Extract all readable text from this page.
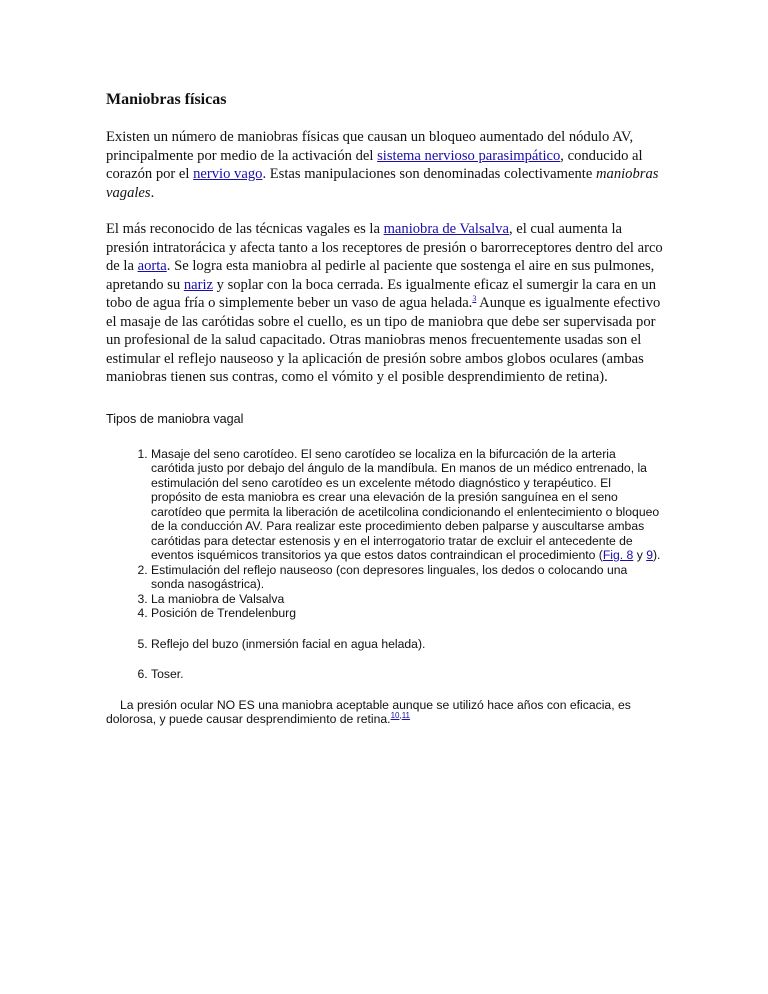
Maniobras físicas

Existen un número de maniobras físicas que causan un bloqueo aumentado del nódulo AV, principalmente por medio de la activación del sistema nervioso parasimpático, conducido al corazón por el nervio vago. Estas manipulaciones son denominadas colectivamente maniobras vagales.

El más reconocido de las técnicas vagales es la maniobra de Valsalva, el cual aumenta la presión intratorácica y afecta tanto a los receptores de presión o barorreceptores dentro del arco de la aorta. Se logra esta maniobra al pedirle al paciente que sostenga el aire en sus pulmones, apretando su nariz y soplar con la boca cerrada. Es igualmente eficaz el sumergir la cara en un tobo de agua fría o simplemente beber un vaso de agua helada.$^3$ Aunque es igualmente efectivo el masaje de las carótidas sobre el cuello, es un tipo de maniobra que debe ser supervisada por un profesional de la salud capacitado. Otras maniobras menos frecuentemente usadas son el estimular el reflejo nauseoso y la aplicación de presión sobre ambos globos oculares (ambas maniobras tienen sus contras, como el vómito y el posible desprendimiento de retina).

Tipos de maniobra vagal

1. Masaje del seno carotídeo. El seno carotídeo se localiza en la bifurcación de la arteria carótida justo por debajo del ángulo de la mandíbula. En manos de un médico entrenado, la estimulación del seno carotídeo es un excelente método diagnóstico y terapéutico. El propósito de esta maniobra es crear una elevación de la presión sanguínea en el seno carotídeo que permita la liberación de acetilcolina condicionando el enlentecimiento o bloqueo de la conducción AV. Para realizar este procedimiento deben palparse y auscultarse ambas carótidas para detectar estenosis y en el interrogatorio tratar de excluir el antecedente de eventos isquémicos transitorios ya que estos datos contraindican el procedimiento (Fig. 8 y 9).
2. Estimulación del reflejo nauseoso (con depresores linguales, los dedos o colocando una sonda nasogástrica).
3. La maniobra de Valsalva
4. Posición de Trendelenburg
5. Reflejo del buzo (inmersión facial en agua helada).
6. Toser.

La presión ocular NO ES una maniobra aceptable aunque se utilizó hace años con eficacia, es dolorosa, y puede causar desprendimiento de retina.$^{10,11}$
